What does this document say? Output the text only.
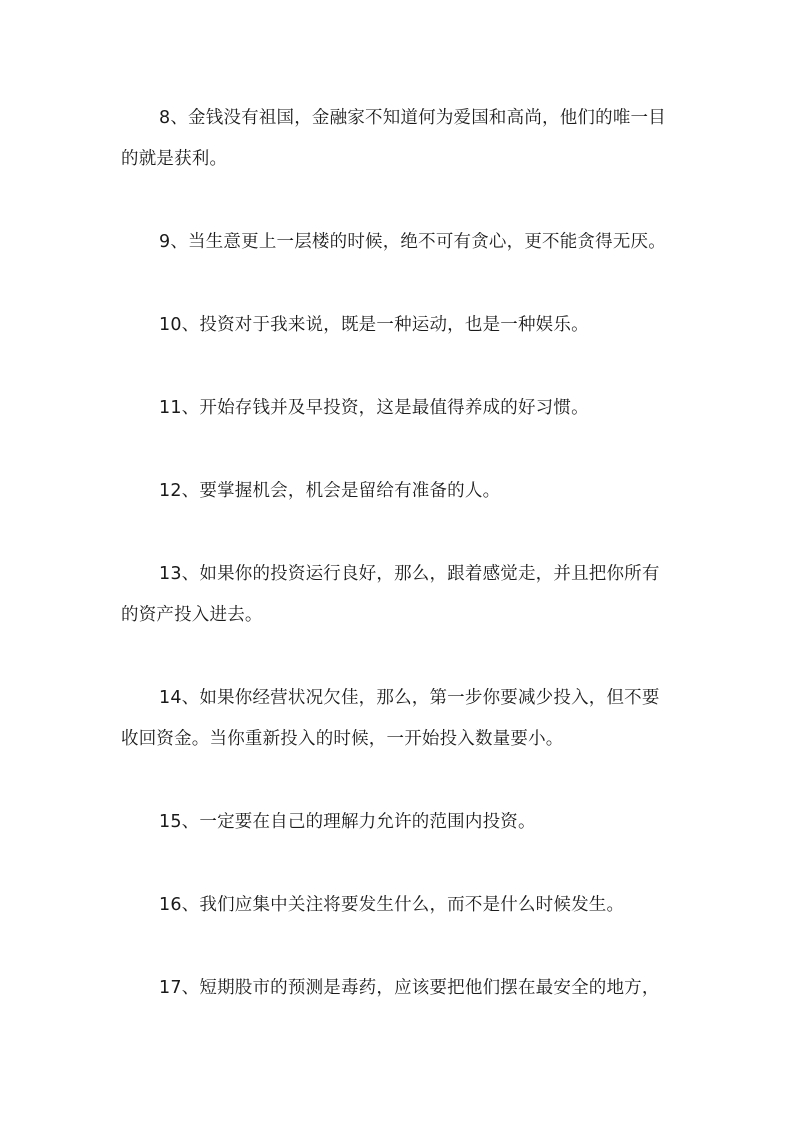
8、金钱没有祖国，金融家不知道何为爱国和高尚，他们的唯一目的就是获利。

9、当生意更上一层楼的时候，绝不可有贪心，更不能贪得无厌。

10、投资对于我来说，既是一种运动，也是一种娱乐。

11、开始存钱并及早投资，这是最值得养成的好习惯。

12、要掌握机会，机会是留给有准备的人。

13、如果你的投资运行良好，那么，跟着感觉走，并且把你所有的资产投入进去。

14、如果你经营状况欠佳，那么，第一步你要减少投入，但不要收回资金。当你重新投入的时候，一开始投入数量要小。

15、一定要在自己的理解力允许的范围内投资。

16、我们应集中关注将要发生什么，而不是什么时候发生。

17、短期股市的预测是毒药，应该要把他们摆在最安全的地方，
